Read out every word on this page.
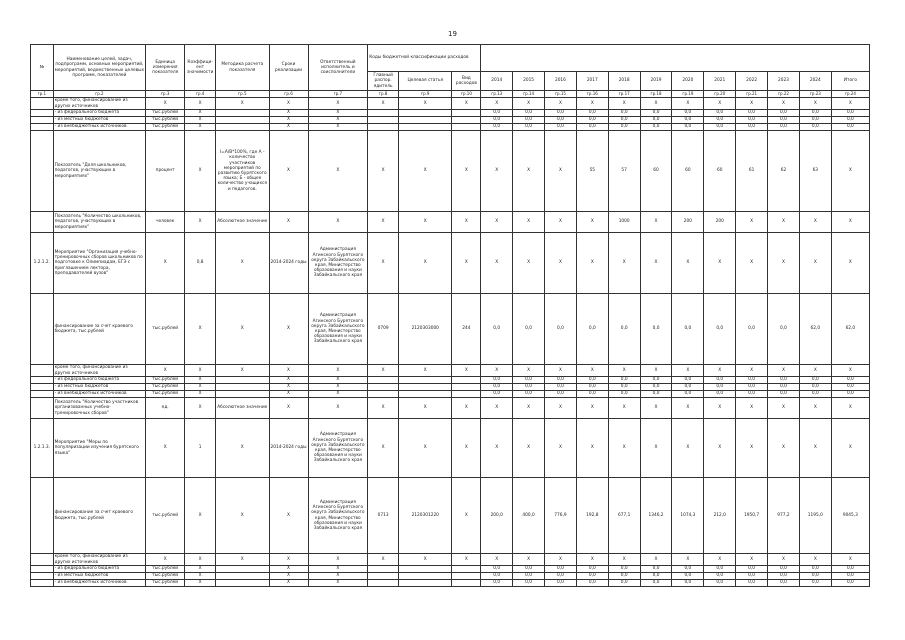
19
№	Наименование целей, задач, подпрограмм, основных мероприятий, мероприятий, ведомственных целевых программ, показателей	Единица измерения показателя	Коэффици-ент значимости	Методика расчета показателя	Сроки реализации	Ответственный исполнитель и соисполнители	Коды бюджетной классификации расходов														
							Главный распор. ядитель	Целевая статья	Вид расходов	2014	2015	2016	2017	2018	2019	2020	2021	2022	2023	2024	Итого
гр.1	гр.2	гр.3	гр.4	гр.5	гр.6	гр.7	гр.8	гр.9	гр.10	гр.13	гр.14	гр.15	гр.16	гр.17	гр.18	гр.19	гр.20	гр.21	гр.22	гр.23	гр.24
	кроме того, финансирование из других источников	Х	Х	Х	Х	Х	Х	Х	Х	Х	Х	Х	Х	Х	Х	Х	Х	Х	Х	Х	Х
	- из федерального бюджета	тыс.рублей	Х		Х	Х				0,0	0,0	0,0	0,0	0,0	0,0	0,0	0,0	0,0	0,0	0,0	0,0
	- из местных бюджетов	тыс.рублей	Х		Х	Х				0,0	0,0	0,0	0,0	0,0	0,0	0,0	0,0	0,0	0,0	0,0	0,0
	- из внебюджетных источников	тыс.рублей	Х		Х	Х				0,0	0,0	0,0	0,0	0,0	0,0	0,0	0,0	0,0	0,0	0,0	0,0
	Показатель "Доля школьников, педагогов, участвующих в мероприятиях"	процент	Х	I=A/B*100%, где А - количество участников мероприятий по развитию бурятского языка; Б - общее количество учащихся и педагогов.	Х	Х	Х	Х	Х	Х	Х	Х	55	57	60	60	60	61	62	63	Х
	Показатель "Количество школьников, педагогов, участвующих в мероприятиях"	человек	Х	Абсолютное значение	Х	Х	Х	Х	Х	Х	Х	Х	Х	1000	Х	200	200	Х	Х	Х	Х
1.2.1.2.	Мероприятие "Организация учебно-тренировочных сборов школьников по подготовке к Олимпиадам, ЕГЭ с приглашением лектора, преподавателей вузов"	Х	0,8	Х	2014-2024 годы	Администрация Агинского Бурятского округа Забайкальского края, Министерство образования и науки Забайкальского края	Х	Х	Х	Х	Х	Х	Х	Х	Х	Х	Х	Х	Х	Х	Х
	финансирование за счет краевого бюджета, тыс.рублей	тыс.рублей	Х	Х	Х	Администрация Агинского Бурятского округа Забайкальского края, Министерство образования и науки Забайкальского края	0709	2120303000	244	0,0	0,0	0,0	0,0	0,0	0,0	0,0	0,0	0,0	0,0	62,0	62,0
	кроме того, финансирование из других источников	Х	Х	Х	Х	Х	Х	Х	Х	Х	Х	Х	Х	Х	Х	Х	Х	Х	Х	Х	Х
	- из федерального бюджета	тыс.рублей	Х		Х	Х				0,0	0,0	0,0	0,0	0,0	0,0	0,0	0,0	0,0	0,0	0,0	0,0
	- из местных бюджетов	тыс.рублей	Х		Х	Х				0,0	0,0	0,0	0,0	0,0	0,0	0,0	0,0	0,0	0,0	0,0	0,0
	- из внебюджетных источников	тыс.рублей	Х		Х	Х				0,0	0,0	0,0	0,0	0,0	0,0	0,0	0,0	0,0	0,0	0,0	0,0
	Показатель "Количество участников организованных учебно-тренировочных сборов"	ед.	Х	Абсолютное значение	Х	Х	Х	Х	Х	Х	Х	Х	Х	Х	Х	Х	Х	Х	Х	Х	Х
1.2.1.3.	Мероприятие "Меры по популяризации изучения бурятского языка"	Х	1	Х	2014-2024 годы	Администрация Агинского Бурятского округа Забайкальского края, Министерство образования и науки Забайкальского края	Х	Х	Х	Х	Х	Х	Х	Х	Х	Х	Х	Х	Х	Х	Х
	финансирование за счет краевого бюджета, тыс.рублей	тыс.рублей	Х	Х	Х	Администрация Агинского Бурятского округа Забайкальского края, Министерство образования и науки Забайкальского края	0713	2120301220	Х	200,0	400,0	776,9	192,8	677,1	1346,2	1074,3	212,0	1950,7	977,2	1195,0	9045,3
	кроме того, финансирование из других источников	Х	Х	Х	Х	Х	Х	Х	Х	Х	Х	Х	Х	Х	Х	Х	Х	Х	Х	Х	Х
	- из федерального бюджета	тыс.рублей	Х		Х	Х				0,0	0,0	0,0	0,0	0,0	0,0	0,0	0,0	0,0	0,0	0,0	0,0
	- из местных бюджетов	тыс.рублей	Х		Х	Х				0,0	0,0	0,0	0,0	0,0	0,0	0,0	0,0	0,0	0,0	0,0	0,0
	- из внебюджетных источников	тыс.рублей	Х		Х	Х				0,0	0,0	0,0	0,0	0,0	0,0	0,0	0,0	0,0	0,0	0,0	0,0
